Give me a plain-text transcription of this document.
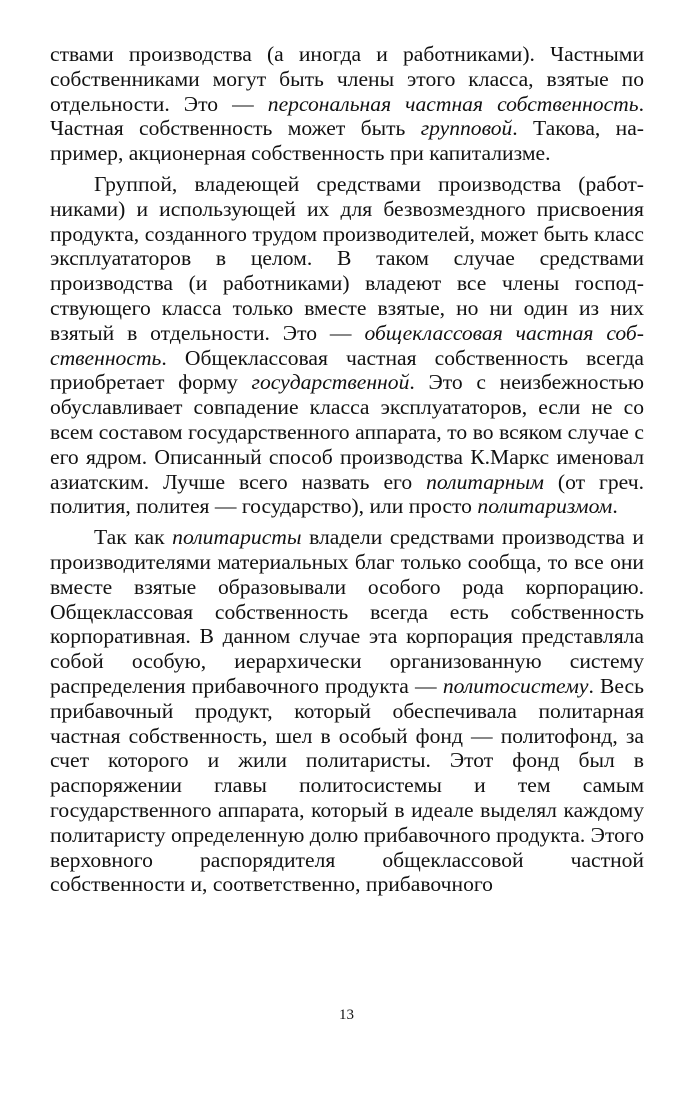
ствами производства (а иногда и работниками). Частными собственниками могут быть члены этого класса, взятые по отдельности. Это — персональная частная собственность. Частная собственность может быть групповой. Такова, например, акционерная собственность при капитализме.

Группой, владеющей средствами производства (работниками) и использующей их для безвозмездного присвоения продукта, созданного трудом производителей, может быть класс эксплуататоров в целом. В таком случае средствами производства (и работниками) владеют все члены господствующего класса только вместе взятые, но ни один из них взятый в отдельности. Это — общеклассовая частная собственность. Общеклассовая частная собственность всегда приобретает форму государственной. Это с неизбежностью обуславливает совпадение класса эксплуататоров, если не со всем составом государственного аппарата, то во всяком случае с его ядром. Описанный способ производства К.Маркс именовал азиатским. Лучше всего назвать его политарным (от греч. полития, политея — государство), или просто политаризмом.

Так как политаристы владели средствами производства и производителями материальных благ только сообща, то все они вместе взятые образовывали особого рода корпорацию. Общеклассовая собственность всегда есть собственность корпоративная. В данном случае эта корпорация представляла собой особую, иерархически организованную систему распределения прибавочного продукта — политосистему. Весь прибавочный продукт, который обеспечивала политарная частная собственность, шел в особый фонд — политофонд, за счет которого и жили политаристы. Этот фонд был в распоряжении главы политосистемы и тем самым государственного аппарата, который в идеале выделял каждому политаристу определенную долю прибавочного продукта. Этого верховного распорядителя общеклассовой частной собственности и, соответственно, прибавочного

13
